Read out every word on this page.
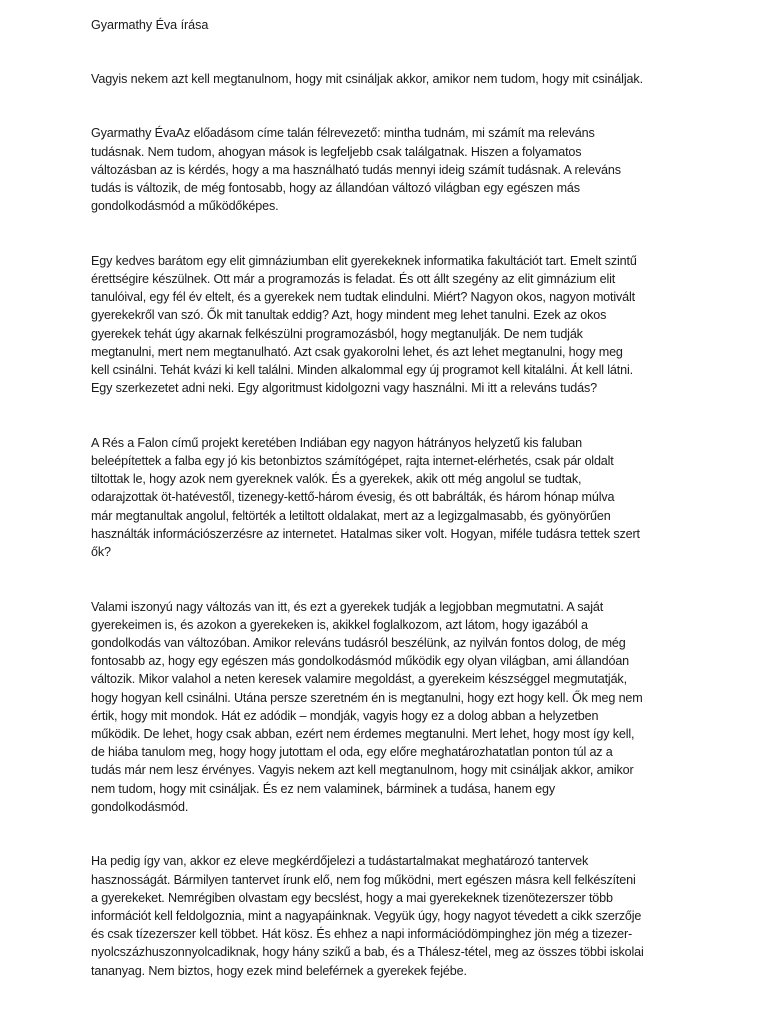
Gyarmathy Éva írása

Vagyis nekem azt kell megtanulnom, hogy mit csináljak akkor, amikor nem tudom, hogy mit csináljak.

Gyarmathy ÉvaAz előadásom címe talán félrevezető: mintha tudnám, mi számít ma releváns
tudásnak. Nem tudom, ahogyan mások is legfeljebb csak találgatnak. Hiszen a folyamatos
változásban az is kérdés, hogy a ma használható tudás mennyi ideig számít tudásnak. A releváns
tudás is változik, de még fontosabb, hogy az állandóan változó világban egy egészen más
gondolkodásmód a működőképes.

Egy kedves barátom egy elit gimnáziumban elit gyerekeknek informatika fakultációt tart. Emelt szintű
érettségire készülnek. Ott már a programozás is feladat. És ott állt szegény az elit gimnázium elit
tanulóival, egy fél év eltelt, és a gyerekek nem tudtak elindulni. Miért? Nagyon okos, nagyon motivált
gyerekekről van szó. Ők mit tanultak eddig? Azt, hogy mindent meg lehet tanulni. Ezek az okos
gyerekek tehát úgy akarnak felkészülni programozásból, hogy megtanulják. De nem tudják
megtanulni, mert nem megtanulható. Azt csak gyakorolni lehet, és azt lehet megtanulni, hogy meg
kell csinálni. Tehát kvázi ki kell találni. Minden alkalommal egy új programot kell kitalálni. Át kell látni.
Egy szerkezetet adni neki. Egy algoritmust kidolgozni vagy használni. Mi itt a releváns tudás?

A Rés a Falon című projekt keretében Indiában egy nagyon hátrányos helyzetű kis faluban
beleépítettek a falba egy jó kis betonbiztos számítógépet, rajta internet-elérhetés, csak pár oldalt
tiltottak le, hogy azok nem gyereknek valók. És a gyerekek, akik ott még angolul se tudtak,
odarajzottak öt-hatévestől, tizenegy-kettő-három évesig, és ott babrálták, és három hónap múlva
már megtanultak angolul, feltörték a letiltott oldalakat, mert az a legizgalmasabb, és gyönyörűen
használták információszerzésre az internetet. Hatalmas siker volt. Hogyan, miféle tudásra tettek szert
ők?

Valami iszonyú nagy változás van itt, és ezt a gyerekek tudják a legjobban megmutatni. A saját
gyerekeimen is, és azokon a gyerekeken is, akikkel foglalkozom, azt látom, hogy igazából a
gondolkodás van változóban. Amikor releváns tudásról beszélünk, az nyilván fontos dolog, de még
fontosabb az, hogy egy egészen más gondolkodásmód működik egy olyan világban, ami állandóan
változik. Mikor valahol a neten keresek valamire megoldást, a gyerekeim készséggel megmutatják,
hogy hogyan kell csinálni. Utána persze szeretném én is megtanulni, hogy ezt hogy kell. Ők meg nem
értik, hogy mit mondok. Hát ez adódik – mondják, vagyis hogy ez a dolog abban a helyzetben
működik. De lehet, hogy csak abban, ezért nem érdemes megtanulni. Mert lehet, hogy most így kell,
de hiába tanulom meg, hogy hogy jutottam el oda, egy előre meghatározhatatlan ponton túl az a
tudás már nem lesz érvényes. Vagyis nekem azt kell megtanulnom, hogy mit csináljak akkor, amikor
nem tudom, hogy mit csináljak. És ez nem valaminek, bárminek a tudása, hanem egy
gondolkodásmód.

Ha pedig így van, akkor ez eleve megkérdőjelezi a tudástartalmakat meghatározó tantervek
hasznosságát. Bármilyen tantervet írunk elő, nem fog működni, mert egészen másra kell felkészíteni
a gyerekeket. Nemrégiben olvastam egy becslést, hogy a mai gyerekeknek tizenötezerszer több
információt kell feldolgoznia, mint a nagyapáinknak. Vegyük úgy, hogy nagyot tévedett a cikk szerzője
és csak tízezerszer kell többet. Hát kösz. És ehhez a napi információdömpinghez jön még a tizezer-
nyolcszázhuszonnyolcadiknak, hogy hány szikű a bab, és a Thálesz-tétel, meg az összes többi iskolai
tananyag. Nem biztos, hogy ezek mind beleférnek a gyerekek fejébe.
